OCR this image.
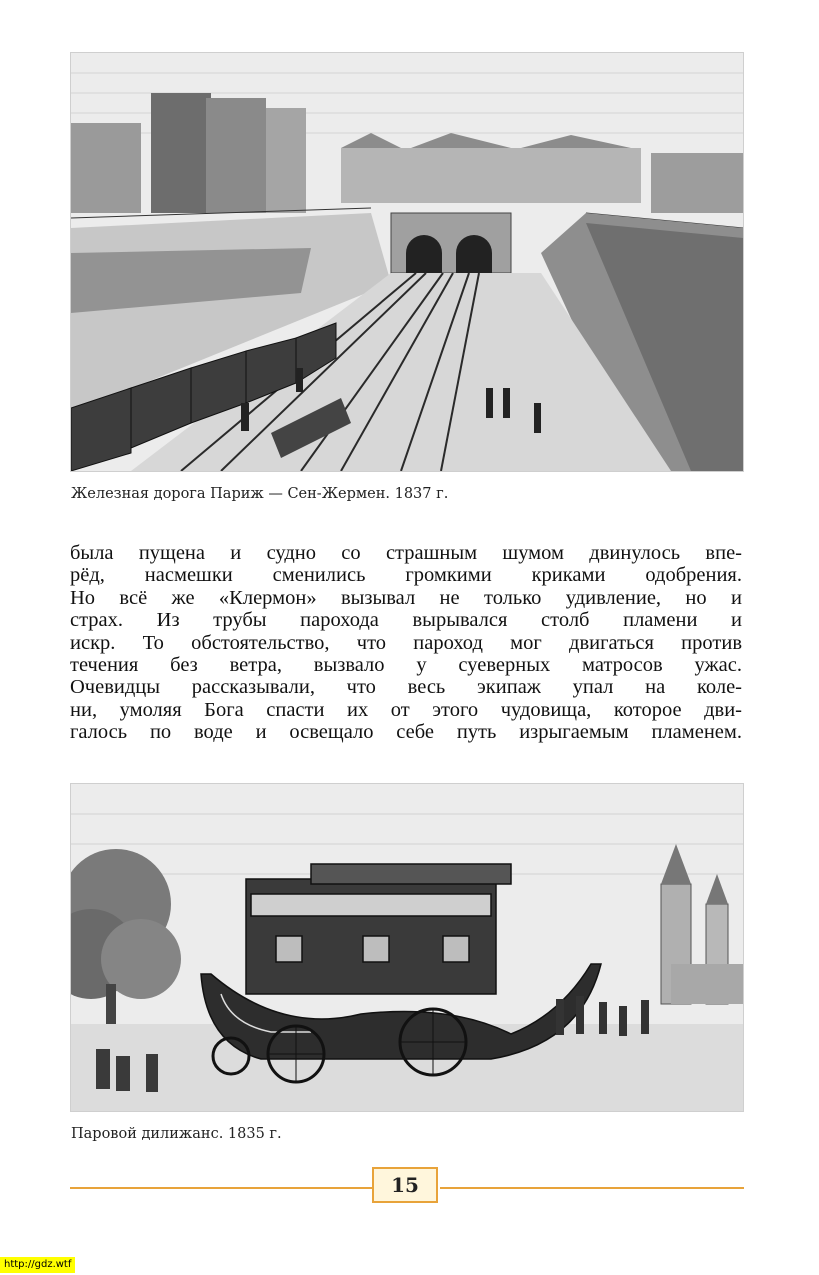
Железная дорога Париж — Сен-Жермен. 1837 г.
была пущена и судно со страшным шумом двинулось впе-
рёд, насмешки сменились громкими криками одобрения.
Но всё же «Клермон» вызывал не только удивление, но и
страх. Из трубы парохода вырывался столб пламени и
искр. То обстоятельство, что пароход мог двигаться против
течения без ветра, вызвало у суеверных матросов ужас.
Очевидцы рассказывали, что весь экипаж упал на коле-
ни, умоляя Бога спасти их от этого чудовища, которое дви-
галось по воде и освещало себе путь изрыгаемым пламенем.
Паровой дилижанс. 1835 г.
15
http://gdz.wtf
